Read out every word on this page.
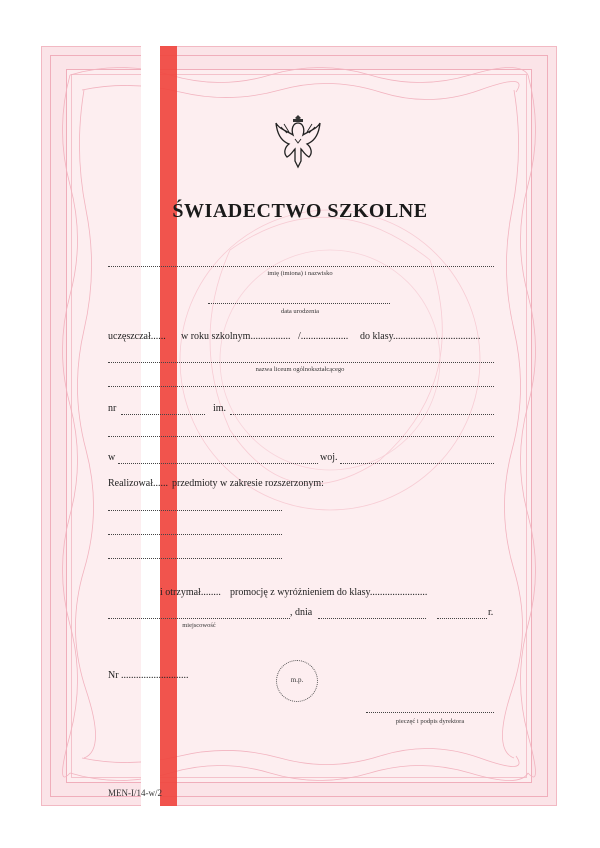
ŚWIADECTWO SZKOLNE
imię (imiona) i nazwisko
data urodzenia
uczęszczał...... w roku szkolnym................ /................... do klasy...................................
nazwa liceum ogólnokształcącego
nr	im.
w	woj.
Realizował...... przedmioty w zakresie rozszerzonym:
i otrzymał........ promocję z wyróżnieniem do klasy.......................
, dnia	r.
miejscowość
Nr ...........................	m.p.
pieczęć i podpis dyrektora
MEN-I/14-w/2
